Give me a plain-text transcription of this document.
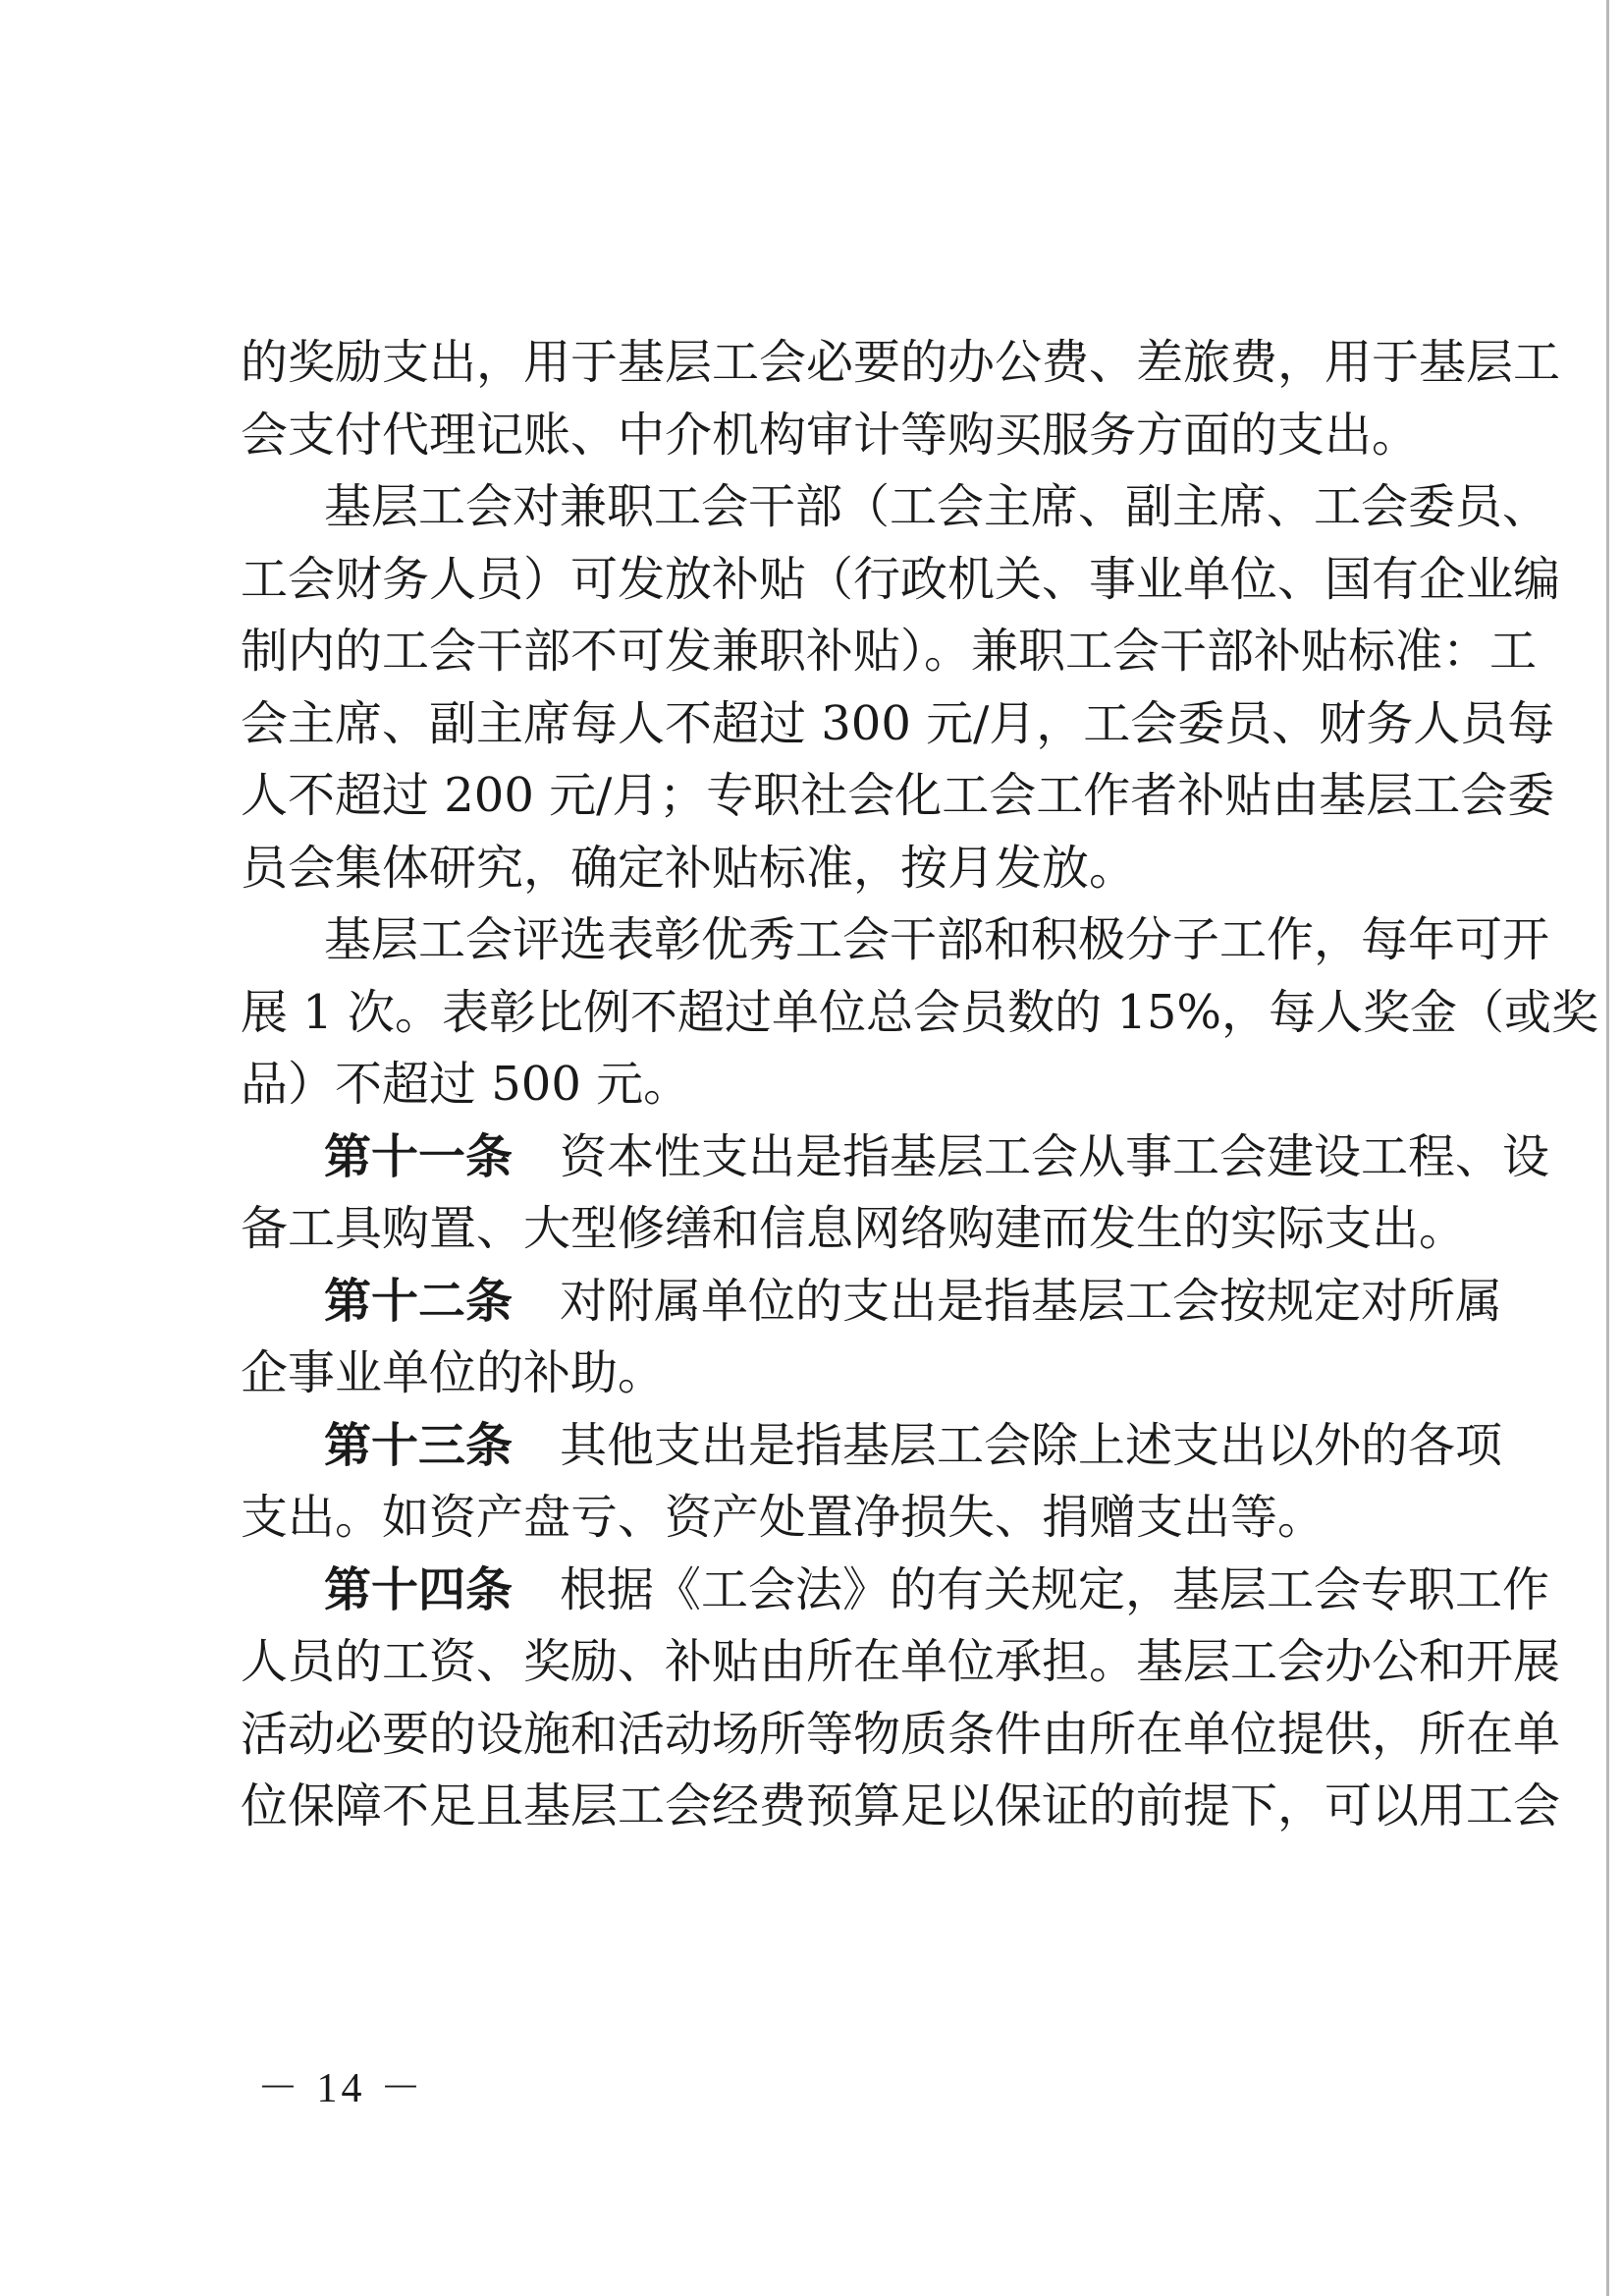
的奖励支出，用于基层工会必要的办公费、差旅费，用于基层工
会支付代理记账、中介机构审计等购买服务方面的支出。
基层工会对兼职工会干部（工会主席、副主席、工会委员、
工会财务人员）可发放补贴（行政机关、事业单位、国有企业编
制内的工会干部不可发兼职补贴）。兼职工会干部补贴标准：工
会主席、副主席每人不超过 300 元/月，工会委员、财务人员每
人不超过 200 元/月；专职社会化工会工作者补贴由基层工会委
员会集体研究，确定补贴标准，按月发放。
基层工会评选表彰优秀工会干部和积极分子工作，每年可开
展 1 次。表彰比例不超过单位总会员数的 15%，每人奖金（或奖
品）不超过 500 元。
第十一条　 资本性支出是指基层工会从事工会建设工程、设
备工具购置、大型修缮和信息网络购建而发生的实际支出。
第十二条　 对附属单位的支出是指基层工会按规定对所属
企事业单位的补助。
第十三条　 其他支出是指基层工会除上述支出以外的各项
支出。如资产盘亏、资产处置净损失、捐赠支出等。
第十四条　 根据《工会法》的有关规定，基层工会专职工作
人员的工资、奖励、补贴由所在单位承担。基层工会办公和开展
活动必要的设施和活动场所等物质条件由所在单位提供，所在单
位保障不足且基层工会经费预算足以保证的前提下，可以用工会
－ 14 －
